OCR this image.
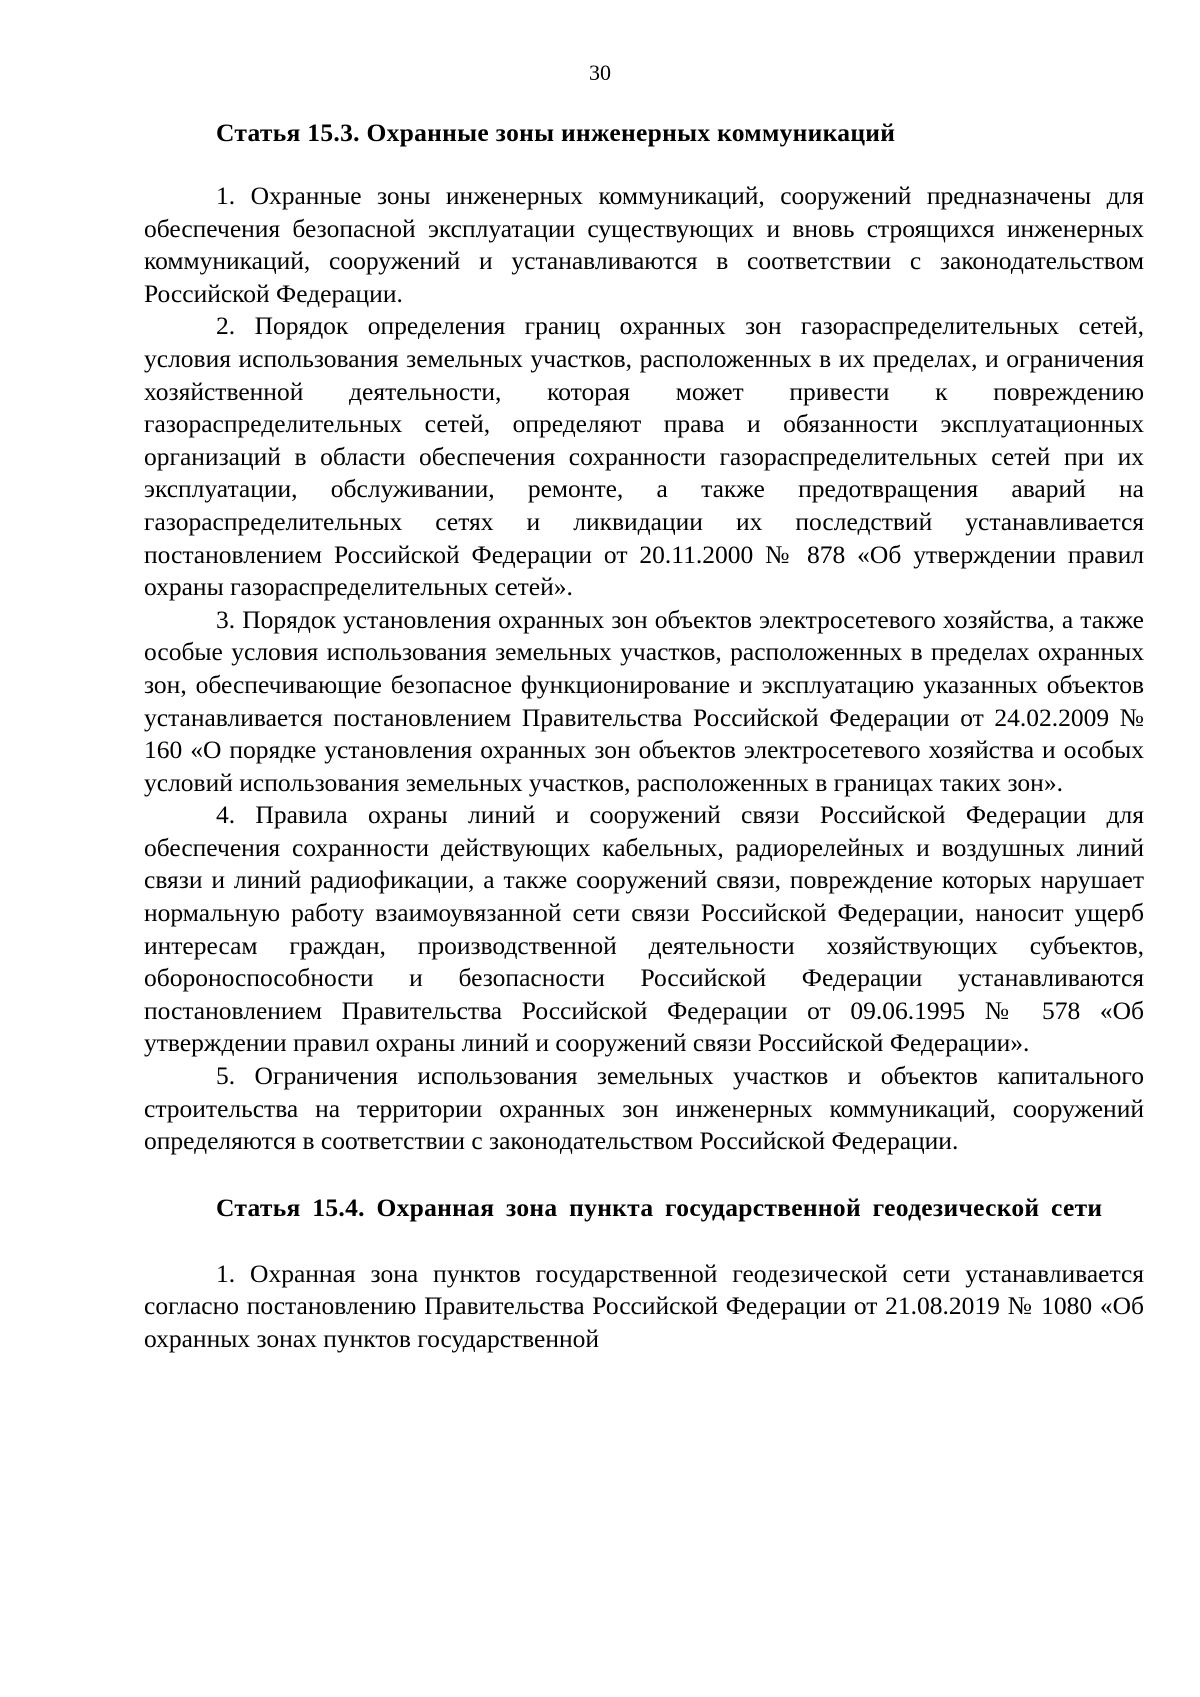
30
Статья 15.3. Охранные зоны инженерных коммуникаций

1. Охранные зоны инженерных коммуникаций, сооружений предназначены для обеспечения безопасной эксплуатации существующих и вновь строящихся инженерных коммуникаций, сооружений и устанавливаются в соответствии с законодательством Российской Федерации.

2. Порядок определения границ охранных зон газораспределительных сетей, условия использования земельных участков, расположенных в их пределах, и ограничения хозяйственной деятельности, которая может привести к повреждению газораспределительных сетей, определяют права и обязанности эксплуатационных организаций в области обеспечения сохранности газораспределительных сетей при их эксплуатации, обслуживании, ремонте, а также предотвращения аварий на газораспределительных сетях и ликвидации их последствий устанавливается постановлением Российской Федерации от 20.11.2000 № 878 «Об утверждении правил охраны газораспределительных сетей».

3. Порядок установления охранных зон объектов электросетевого хозяйства, а также особые условия использования земельных участков, расположенных в пределах охранных зон, обеспечивающие безопасное функционирование и эксплуатацию указанных объектов устанавливается постановлением Правительства Российской Федерации от 24.02.2009 № 160 «О порядке установления охранных зон объектов электросетевого хозяйства и особых условий использования земельных участков, расположенных в границах таких зон».

4. Правила охраны линий и сооружений связи Российской Федерации для обеспечения сохранности действующих кабельных, радиорелейных и воздушных линий связи и линий радиофикации, а также сооружений связи, повреждение которых нарушает нормальную работу взаимоувязанной сети связи Российской Федерации, наносит ущерб интересам граждан, производственной деятельности хозяйствующих субъектов, обороноспособности и безопасности Российской Федерации устанавливаются постановлением Правительства Российской Федерации от 09.06.1995 № 578 «Об утверждении правил охраны линий и сооружений связи Российской Федерации».

5. Ограничения использования земельных участков и объектов капитального строительства на территории охранных зон инженерных коммуникаций, сооружений определяются в соответствии с законодательством Российской Федерации.

Статья 15.4. Охранная зона пункта государственной геодезической сети

1. Охранная зона пунктов государственной геодезической сети устанавливается согласно постановлению Правительства Российской Федерации от 21.08.2019 № 1080 «Об охранных зонах пунктов государственной
